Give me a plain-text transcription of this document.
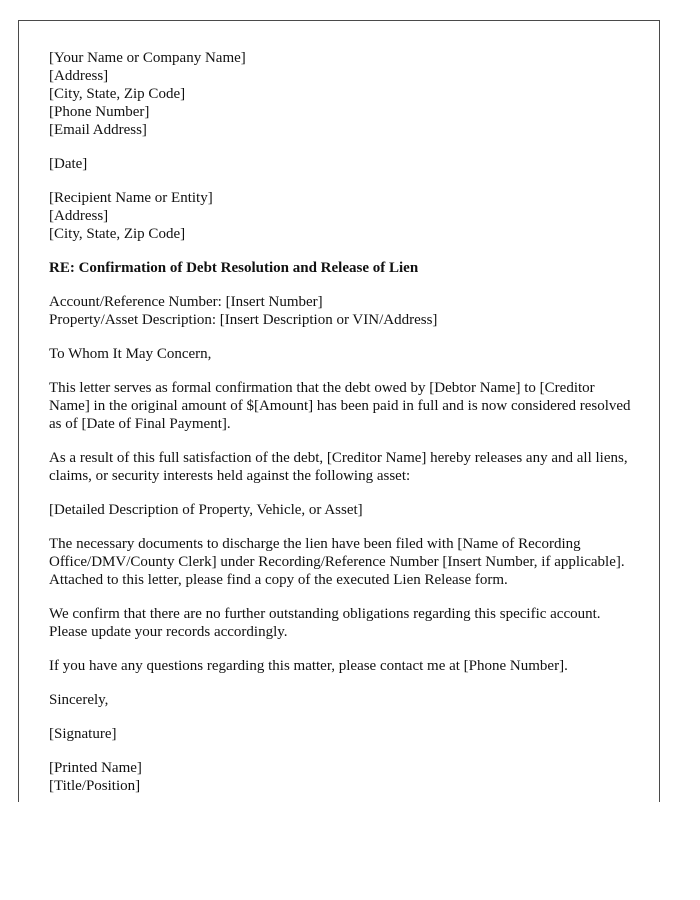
[Your Name or Company Name]
[Address]
[City, State, Zip Code]
[Phone Number]
[Email Address]
[Date]
[Recipient Name or Entity]
[Address]
[City, State, Zip Code]
RE: Confirmation of Debt Resolution and Release of Lien
Account/Reference Number: [Insert Number]
Property/Asset Description: [Insert Description or VIN/Address]
To Whom It May Concern,
This letter serves as formal confirmation that the debt owed by [Debtor Name] to [Creditor Name] in the original amount of $[Amount] has been paid in full and is now considered resolved as of [Date of Final Payment].
As a result of this full satisfaction of the debt, [Creditor Name] hereby releases any and all liens, claims, or security interests held against the following asset:
[Detailed Description of Property, Vehicle, or Asset]
The necessary documents to discharge the lien have been filed with [Name of Recording Office/DMV/County Clerk] under Recording/Reference Number [Insert Number, if applicable]. Attached to this letter, please find a copy of the executed Lien Release form.
We confirm that there are no further outstanding obligations regarding this specific account. Please update your records accordingly.
If you have any questions regarding this matter, please contact me at [Phone Number].
Sincerely,
[Signature]
[Printed Name]
[Title/Position]
